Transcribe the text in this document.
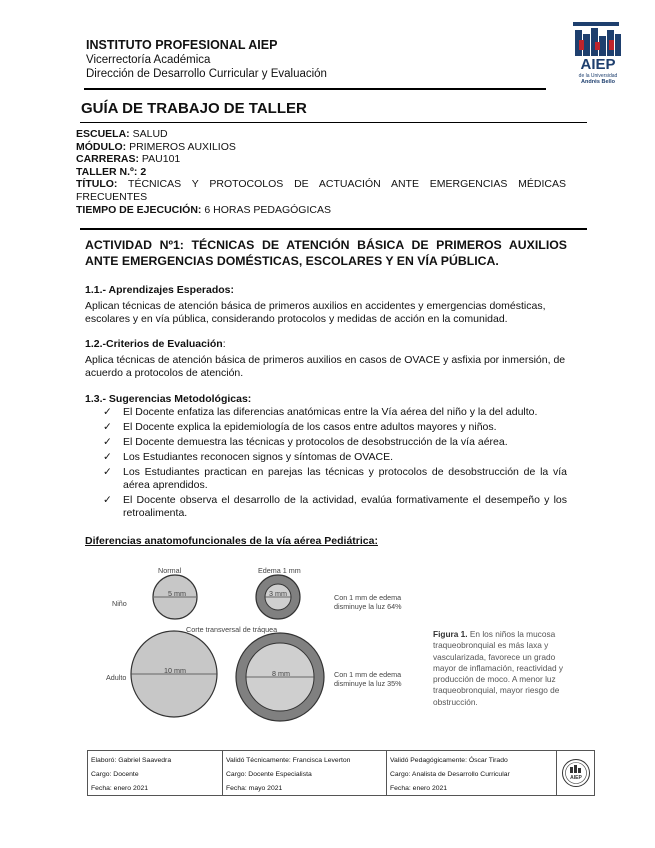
INSTITUTO PROFESIONAL AIEP
Vicerrectoría Académica
Dirección de Desarrollo Curricular y Evaluación
AIEP
de la Universidad
Andrés Bello
GUÍA DE TRABAJO DE TALLER
ESCUELA: SALUD
MÓDULO: PRIMEROS AUXILIOS
CARRERAS: PAU101
TALLER N.º: 2
TÍTULO: TÉCNICAS Y PROTOCOLOS DE ACTUACIÓN ANTE EMERGENCIAS MÉDICAS
FRECUENTES
TIEMPO DE EJECUCIÓN: 6 HORAS PEDAGÓGICAS
ACTIVIDAD Nº1: TÉCNICAS DE ATENCIÓN BÁSICA DE PRIMEROS AUXILIOS ANTE EMERGENCIAS DOMÉSTICAS, ESCOLARES Y EN VÍA PÚBLICA.
1.1.- Aprendizajes Esperados:
Aplican técnicas de atención básica de primeros auxilios en accidentes y emergencias domésticas, escolares y en vía pública, considerando protocolos y medidas de acción en la comunidad.
1.2.-Criterios de Evaluación:
Aplica técnicas de atención básica de primeros auxilios en casos de OVACE y asfixia por inmersión, de acuerdo a protocolos de atención.
1.3.- Sugerencias Metodológicas:
✓	El Docente enfatiza las diferencias anatómicas entre la Vía aérea del niño y la del adulto.
✓	El Docente explica la epidemiología de los casos entre adultos mayores y niños.
✓	El Docente demuestra las técnicas y protocolos de desobstrucción de la vía aérea.
✓	Los Estudiantes reconocen signos y síntomas de OVACE.
✓	Los Estudiantes practican en parejas las técnicas y protocolos de desobstrucción de la vía aérea aprendidos.
✓	El Docente observa el desarrollo de la actividad, evalúa formativamente el desempeño y los retroalimenta.
Diferencias anatomofuncionales de la vía aérea Pediátrica:
Normal	Edema 1 mm
Niño
Adulto
Corte transversal de tráquea
5 mm	3 mm
10 mm	8 mm
Con 1 mm de edema
disminuye la luz 64%
Con 1 mm de edema
disminuye la luz 35%
Figura 1. En los niños la mucosa traqueobronquial es más laxa y vascularizada, favorece un grado mayor de inflamación, reactividad y producción de moco. A menor luz traqueobronquial, mayor riesgo de obstrucción.
Elaboró: Gabriel Saavedra
Cargo: Docente
Fecha: enero 2021
Validó Técnicamente: Francisca Leverton
Cargo: Docente Especialista
Fecha: mayo 2021
Validó Pedagógicamente: Óscar Tirado
Cargo: Analista de Desarrollo Curricular
Fecha: enero 2021
AIEP
